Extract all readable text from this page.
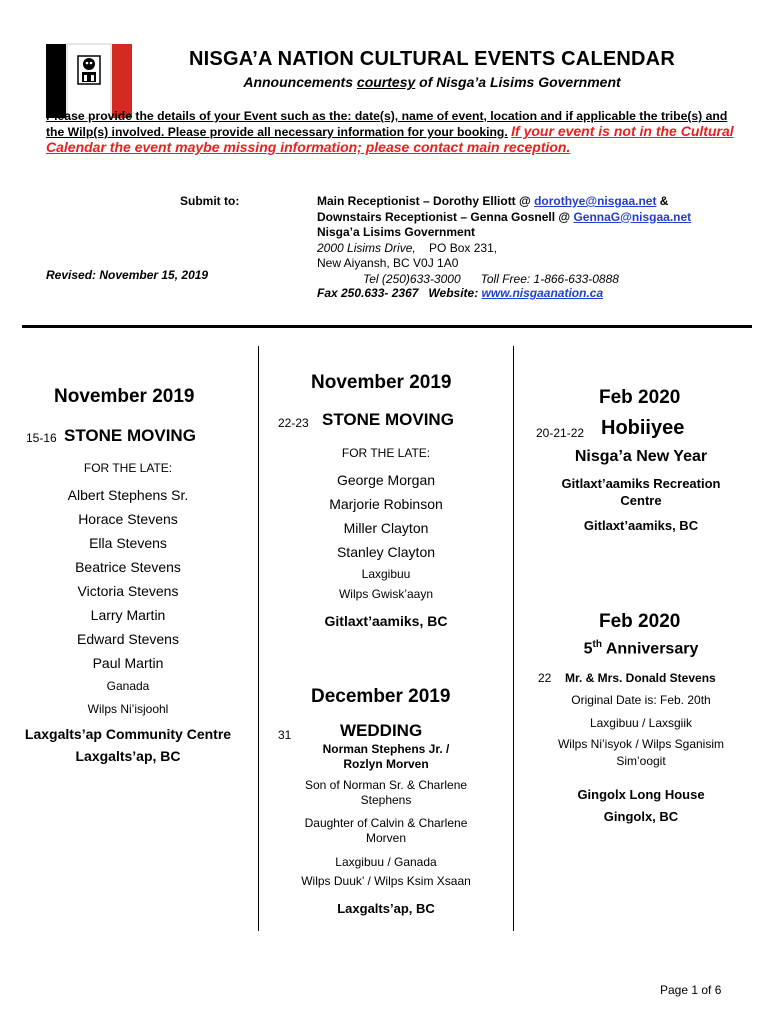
NISGA’A NATION CULTURAL EVENTS CALENDAR
Announcements courtesy of Nisga’a Lisims Government
Please provide the details of your Event such as the: date(s), name of event, location and if applicable the tribe(s) and the Wilp(s) involved. Please provide all necessary information for your booking. If your event is not in the Cultural Calendar the event maybe missing information; please contact main reception.
Submit to:
Revised: November 15, 2019
Main Receptionist – Dorothy Elliott @ dorothye@nisgaa.net &
Downstairs Receptionist – Genna Gosnell @ GennaG@nisgaa.net
Nisga’a Lisims Government
2000 Lisims Drive,    PO Box 231,
New Aiyansh, BC V0J 1A0
Tel (250)633-3000      Toll Free: 1-866-633-0888
Fax 250.633- 2367   Website: www.nisgaanation.ca
November 2019
15-16 STONE MOVING
FOR THE LATE:
Albert Stephens Sr.
Horace Stevens
Ella Stevens
Beatrice Stevens
Victoria Stevens
Larry Martin
Edward Stevens
Paul Martin
Ganada
Wilps Ni’isjoohl
Laxgalts’ap Community Centre
Laxgalts’ap, BC
November 2019
22-23 STONE MOVING
FOR THE LATE:
George Morgan
Marjorie Robinson
Miller Clayton
Stanley Clayton
Laxgibuu
Wilps Gwisk’aayn
Gitlaxt’aamiks, BC
December 2019
31	WEDDING
Norman Stephens Jr. /
Rozlyn Morven
Son of Norman Sr. & Charlene
Stephens
Daughter of Calvin & Charlene
Morven
Laxgibuu / Ganada
Wilps Duuk’ / Wilps Ksim Xsaan
Laxgalts’ap, BC
Feb 2020
20-21-22 Hobiiyee
Nisga’a New Year
Gitlaxt’aamiks Recreation
Centre
Gitlaxt’aamiks, BC
Feb 2020
5th Anniversary
22 Mr. & Mrs. Donald Stevens
Original Date is: Feb. 20th
Laxgibuu / Laxsgiik
Wilps Ni’isyok / Wilps Sganisim
Sim’oogit
Gingolx Long House
Gingolx, BC
Page 1 of 6
